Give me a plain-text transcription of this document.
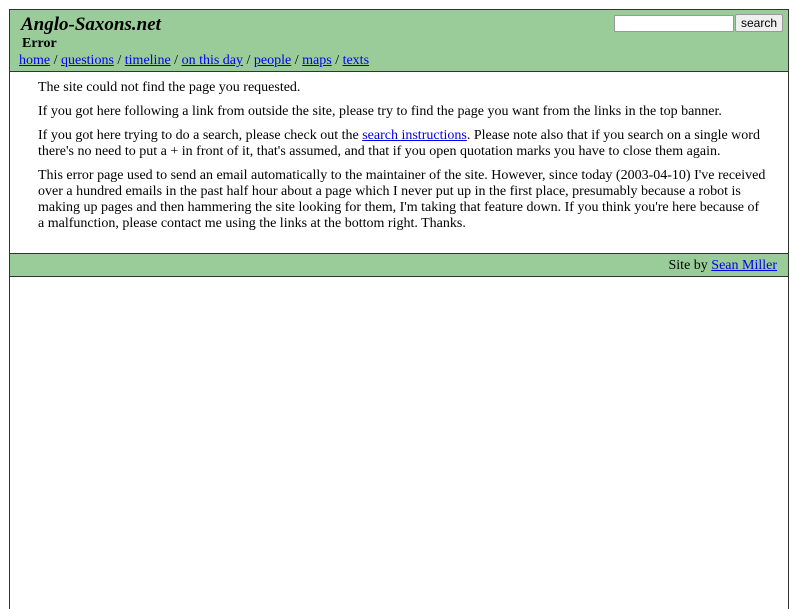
Anglo-Saxons.net
Error
home / questions / timeline / on this day / people / maps / texts
search

The site could not find the page you requested.

If you got here following a link from outside the site, please try to find the page you want from the links in the top banner.

If you got here trying to do a search, please check out the search instructions. Please note also that if you search on a single word there's no need to put a + in front of it, that's assumed, and that if you open quotation marks you have to close them again.

This error page used to send an email automatically to the maintainer of the site. However, since today (2003-04-10) I've received over a hundred emails in the past half hour about a page which I never put up in the first place, presumably because a robot is making up pages and then hammering the site looking for them, I'm taking that feature down. If you think you're here because of a malfunction, please contact me using the links at the bottom right. Thanks.

Site by Sean Miller
